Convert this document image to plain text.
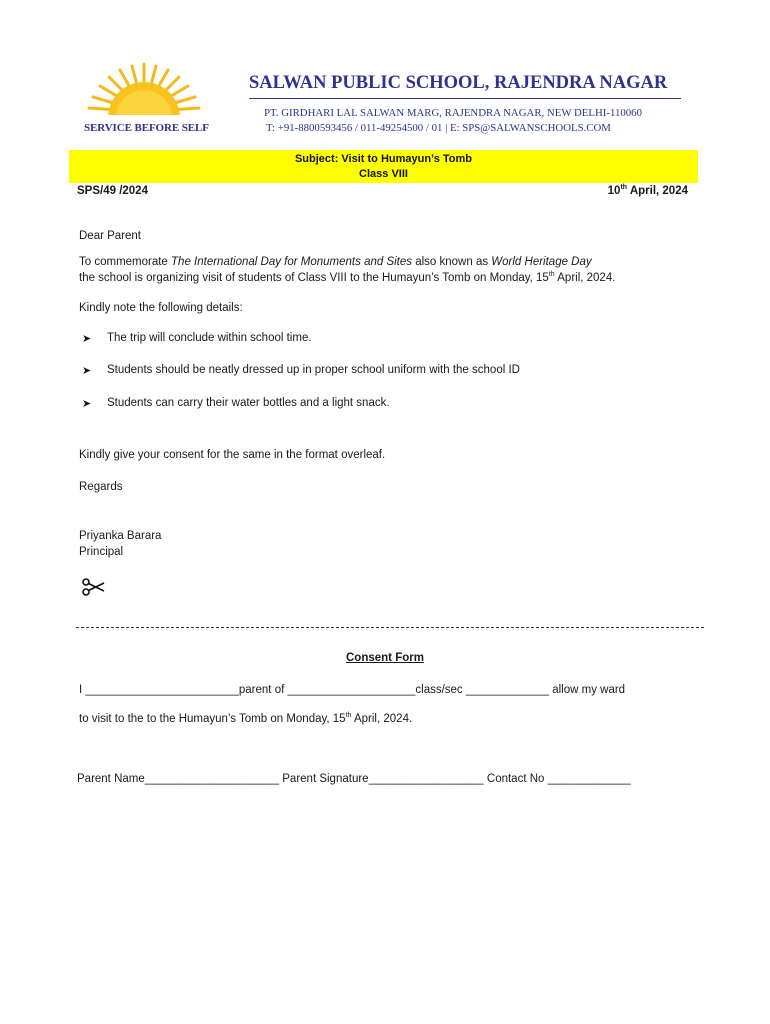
SERVICE BEFORE SELF
SALWAN PUBLIC SCHOOL, RAJENDRA NAGAR
PT. GIRDHARI LAL SALWAN MARG, RAJENDRA NAGAR, NEW DELHI-110060
T: +91-8800593456 / 011-49254500 / 01 | E: SPS@SALWANSCHOOLS.COM
Subject: Visit to Humayun’s Tomb
Class VIII
SPS/49 /2024	10th April, 2024
Dear Parent
To commemorate The International Day for Monuments and Sites also known as World Heritage Day
the school is organizing visit of students of Class VIII to the Humayun’s Tomb on Monday, 15th April, 2024.
Kindly note the following details:
➤ The trip will conclude within school time.
➤ Students should be neatly dressed up in proper school uniform with the school ID
➤ Students can carry their water bottles and a light snack.
Kindly give your consent for the same in the format overleaf.
Regards
Priyanka Barara
Principal
Consent Form
I ________________________parent of ____________________class/sec _____________ allow my ward
to visit to the to the Humayun’s Tomb on Monday, 15th April, 2024.
Parent Name_____________________ Parent Signature__________________ Contact No _____________
